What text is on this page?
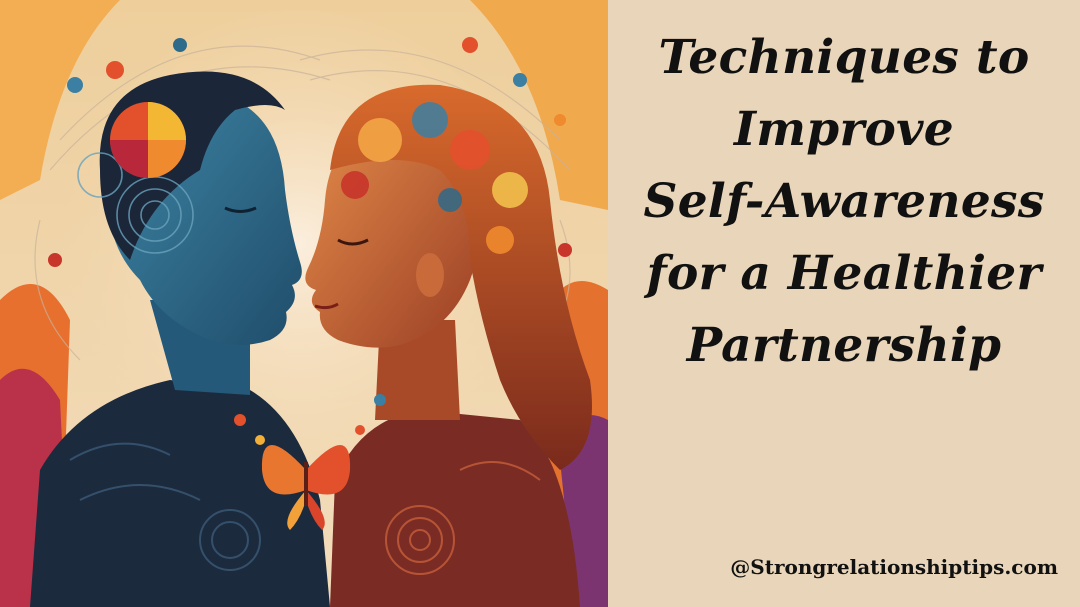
Techniques to
Improve
Self-Awareness
for a Healthier
Partnership
@Strongrelationshiptips.com
